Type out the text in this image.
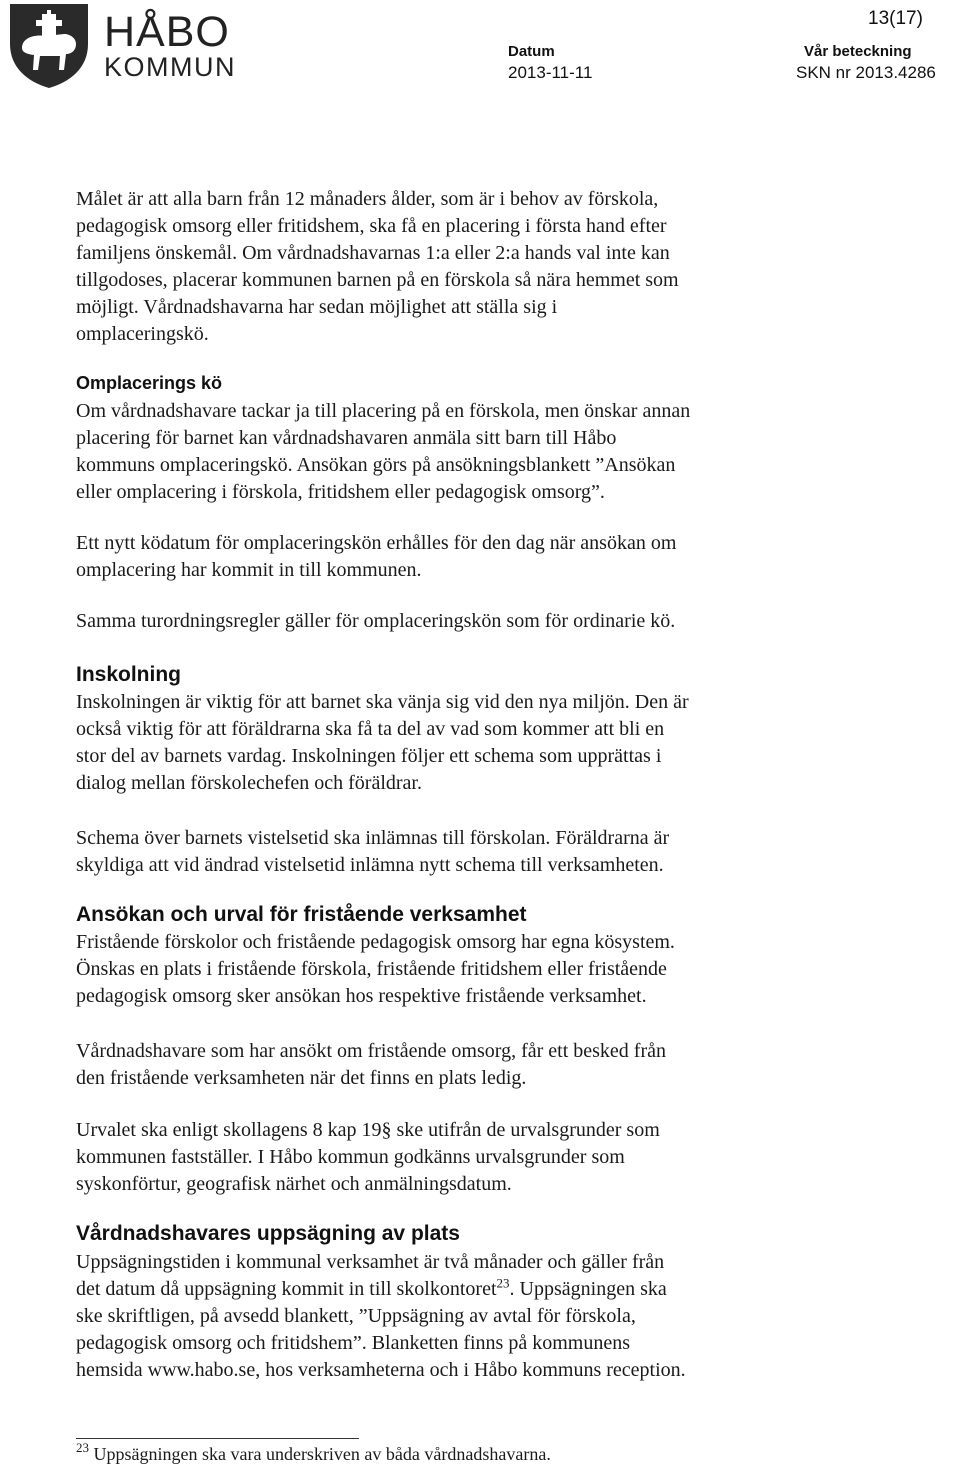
HÅBO
KOMMUN
13(17)
Datum
2013-11-11
Vår beteckning
SKN nr 2013.4286
Målet är att alla barn från 12 månaders ålder, som är i behov av förskola,
pedagogisk omsorg eller fritidshem, ska få en placering i första hand efter
familjens önskemål. Om vårdnadshavarnas 1:a eller 2:a hands val inte kan
tillgodoses, placerar kommunen barnen på en förskola så nära hemmet som
möjligt. Vårdnadshavarna har sedan möjlighet att ställa sig i
omplaceringskö.
Omplacerings kö
Om vårdnadshavare tackar ja till placering på en förskola, men önskar annan
placering för barnet kan vårdnadshavaren anmäla sitt barn till Håbo
kommuns omplaceringskö. Ansökan görs på ansökningsblankett ”Ansökan
eller omplacering i förskola, fritidshem eller pedagogisk omsorg”.
Ett nytt ködatum för omplaceringskön erhålles för den dag när ansökan om
omplacering har kommit in till kommunen.
Samma turordningsregler gäller för omplaceringskön som för ordinarie kö.
Inskolning
Inskolningen är viktig för att barnet ska vänja sig vid den nya miljön. Den är
också viktig för att föräldrarna ska få ta del av vad som kommer att bli en
stor del av barnets vardag. Inskolningen följer ett schema som upprättas i
dialog mellan förskolechefen och föräldrar.
Schema över barnets vistelsetid ska inlämnas till förskolan. Föräldrarna är
skyldiga att vid ändrad vistelsetid inlämna nytt schema till verksamheten.
Ansökan och urval för fristående verksamhet
Fristående förskolor och fristående pedagogisk omsorg har egna kösystem.
Önskas en plats i fristående förskola, fristående fritidshem eller fristående
pedagogisk omsorg sker ansökan hos respektive fristående verksamhet.
Vårdnadshavare som har ansökt om fristående omsorg, får ett besked från
den fristående verksamheten när det finns en plats ledig.
Urvalet ska enligt skollagens 8 kap 19§ ske utifrån de urvalsgrunder som
kommunen fastställer. I Håbo kommun godkänns urvalsgrunder som
syskonförtur, geografisk närhet och anmälningsdatum.
Vårdnadshavares uppsägning av plats
Uppsägningstiden i kommunal verksamhet är två månader och gäller från
det datum då uppsägning kommit in till skolkontoret$^{23}$. Uppsägningen ska
ske skriftligen, på avsedd blankett, ”Uppsägning av avtal för förskola,
pedagogisk omsorg och fritidshem”. Blanketten finns på kommunens
hemsida www.habo.se, hos verksamheterna och i Håbo kommuns reception.
$^{23}$ Uppsägningen ska vara underskriven av båda vårdnadshavarna.
